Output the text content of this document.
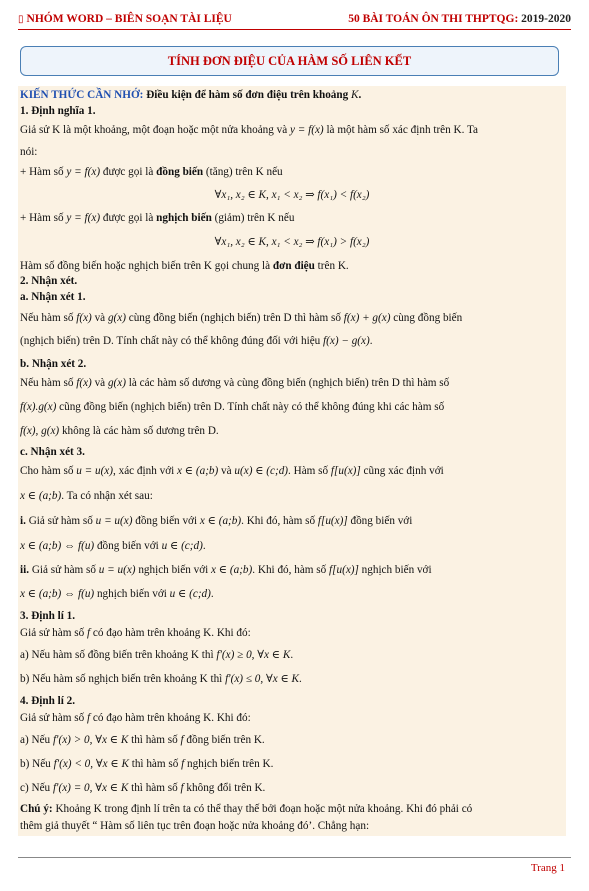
▯ NHÓM WORD – BIÊN SOẠN TÀI LIỆU	50 BÀI TOÁN ÔN THI THPTQG: 2019-2020
TÍNH ĐƠN ĐIỆU CỦA HÀM SỐ LIÊN KẾT
KIẾN THỨC CẦN NHỚ: Điều kiện để hàm số đơn điệu trên khoảng K.
1. Định nghĩa 1.
Giả sử K là một khoảng, một đoạn hoặc một nửa khoảng và y = f(x) là một hàm số xác định trên K. Ta
nói:
+ Hàm số y = f(x) được gọi là đồng biến (tăng) trên K nếu
∀x₁, x₂ ∈ K, x₁ < x₂ ⇒ f(x₁) < f(x₂)
+ Hàm số y = f(x) được gọi là nghịch biến (giảm) trên K nếu
∀x₁, x₂ ∈ K, x₁ < x₂ ⇒ f(x₁) > f(x₂)
Hàm số đồng biến hoặc nghịch biến trên K gọi chung là đơn điệu trên K.
2. Nhận xét.
a. Nhận xét 1.
Nếu hàm số f(x) và g(x) cùng đồng biến (nghịch biến) trên D thì hàm số f(x) + g(x) cùng đồng biến
(nghịch biến) trên D. Tính chất này có thể không đúng đối với hiệu f(x) − g(x).
b. Nhận xét 2.
Nếu hàm số f(x) và g(x) là các hàm số dương và cùng đồng biến (nghịch biến) trên D thì hàm số
f(x).g(x) cũng đồng biến (nghịch biến) trên D. Tính chất này có thể không đúng khi các hàm số
f(x), g(x) không là các hàm số dương trên D.
c. Nhận xét 3.
Cho hàm số u = u(x), xác định với x ∈ (a;b) và u(x) ∈ (c;d). Hàm số f[u(x)] cũng xác định với
x ∈ (a;b). Ta có nhận xét sau:
i. Giả sử hàm số u = u(x) đồng biến với x ∈ (a;b). Khi đó, hàm số f[u(x)] đồng biến với
x ∈ (a;b) ⇔ f(u) đồng biến với u ∈ (c;d).
ii. Giả sử hàm số u = u(x) nghịch biến với x ∈ (a;b). Khi đó, hàm số f[u(x)] nghịch biến với
x ∈ (a;b) ⇔ f(u) nghịch biến với u ∈ (c;d).
3. Định lí 1.
Giả sử hàm số f có đạo hàm trên khoảng K. Khi đó:
a) Nếu hàm số đồng biến trên khoảng K thì f′(x) ≥ 0, ∀x ∈ K.
b) Nếu hàm số nghịch biến trên khoảng K thì f′(x) ≤ 0, ∀x ∈ K.
4. Định lí 2.
Giả sử hàm số f có đạo hàm trên khoảng K. Khi đó:
a) Nếu f′(x) > 0, ∀x ∈ K thì hàm số f đồng biến trên K.
b) Nếu f′(x) < 0, ∀x ∈ K thì hàm số f nghịch biến trên K.
c) Nếu f′(x) = 0, ∀x ∈ K thì hàm số f không đổi trên K.
Chú ý: Khoảng K trong định lí trên ta có thể thay thế bởi đoạn hoặc một nửa khoảng. Khi đó phải có
thêm giả thuyết “ Hàm số liên tục trên đoạn hoặc nửa khoảng đó’. Chẳng hạn:
Trang 1
